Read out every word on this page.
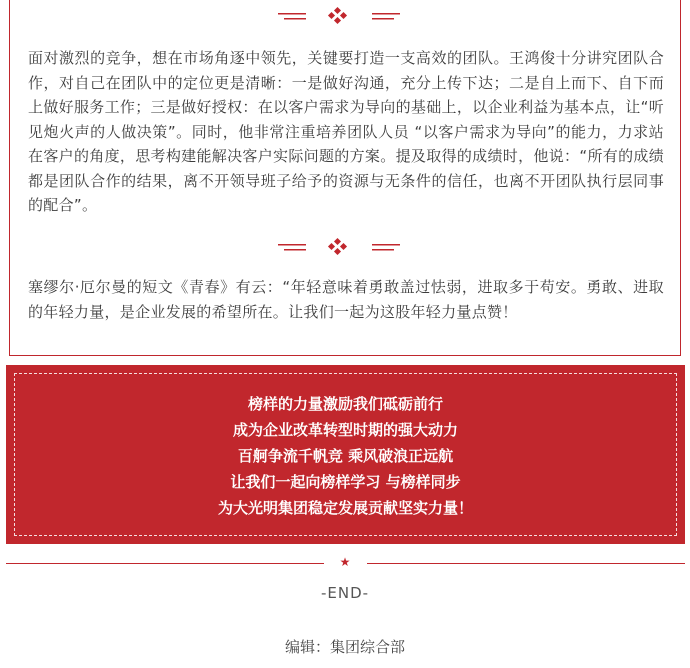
面对激烈的竞争，想在市场角逐中领先，关键要打造一支高效的团队。王鸿俊十分讲究团队合作，对自己在团队中的定位更是清晰：一是做好沟通，充分上传下达；二是自上而下、自下而上做好服务工作；三是做好授权：在以客户需求为导向的基础上，以企业利益为基本点，让“听见炮火声的人做决策”。同时，他非常注重培养团队人员 “以客户需求为导向”的能力，力求站在客户的角度，思考构建能解决客户实际问题的方案。提及取得的成绩时，他说：“所有的成绩都是团队合作的结果，离不开领导班子给予的资源与无条件的信任，也离不开团队执行层同事的配合”。

塞缪尔·厄尔曼的短文《青春》有云：“年轻意味着勇敢盖过怯弱，进取多于苟安。勇敢、进取的年轻力量，是企业发展的希望所在。让我们一起为这股年轻力量点赞！

榜样的力量激励我们砥砺前行
成为企业改革转型时期的强大动力
百舸争流千帆竞 乘风破浪正远航
让我们一起向榜样学习 与榜样同步
为大光明集团稳定发展贡献坚实力量！
★
-END-
编辑：集团综合部
